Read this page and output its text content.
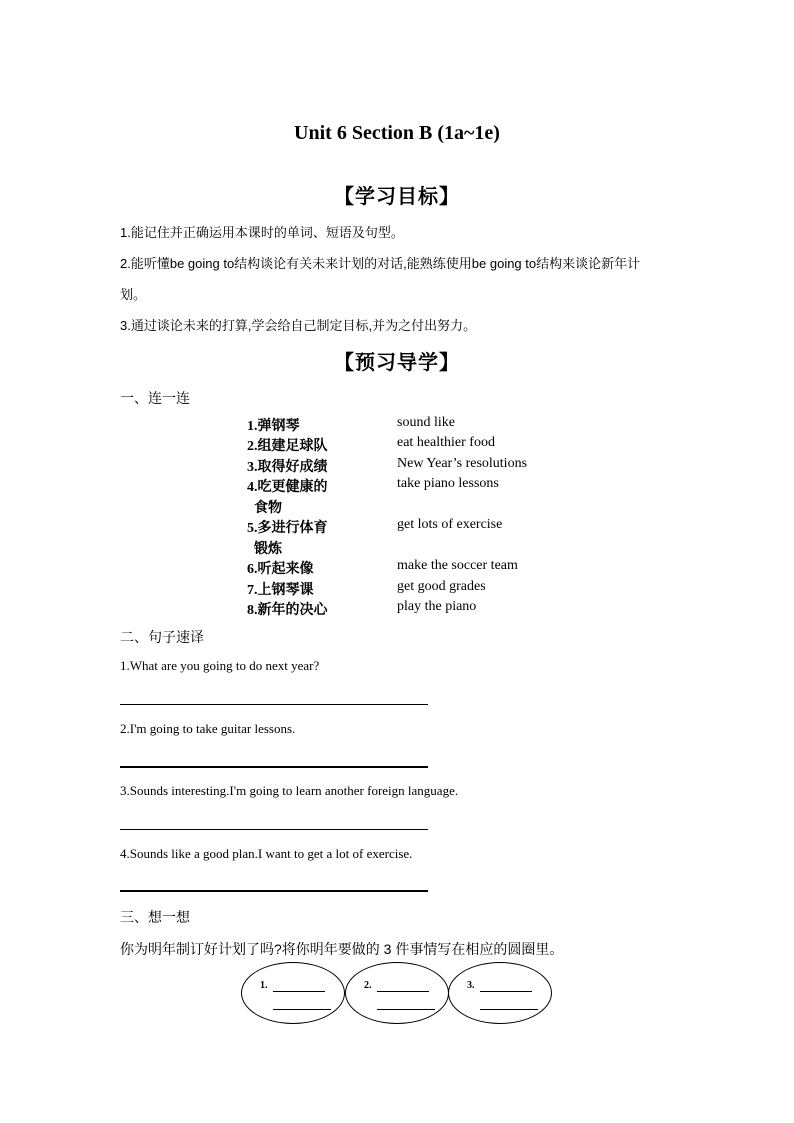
Unit 6 Section B (1a~1e)
【学习目标】
1.能记住并正确运用本课时的单词、短语及句型。
2.能听懂be going to结构谈论有关未来计划的对话,能熟练使用be going to结构来谈论新年计
划。
3.通过谈论未来的打算,学会给自己制定目标,并为之付出努力。
【预习导学】
一、连一连
1.弹钢琴
2.组建足球队
3.取得好成绩
4.吃更健康的
食物
5.多进行体育
锻炼
6.听起来像
7.上钢琴课
8.新年的决心
sound like
eat healthier food
New Year’s resolutions
take piano lessons
get lots of exercise
make the soccer team
get good grades
play the piano
二、句子速译
1.What are you going to do next year?
2.I'm going to take guitar lessons.
3.Sounds interesting.I'm going to learn another foreign language.
4.Sounds like a good plan.I want to get a lot of exercise.
三、想一想
你为明年制订好计划了吗?将你明年要做的 3 件事情写在相应的圆圈里。
1.	2.	3.
